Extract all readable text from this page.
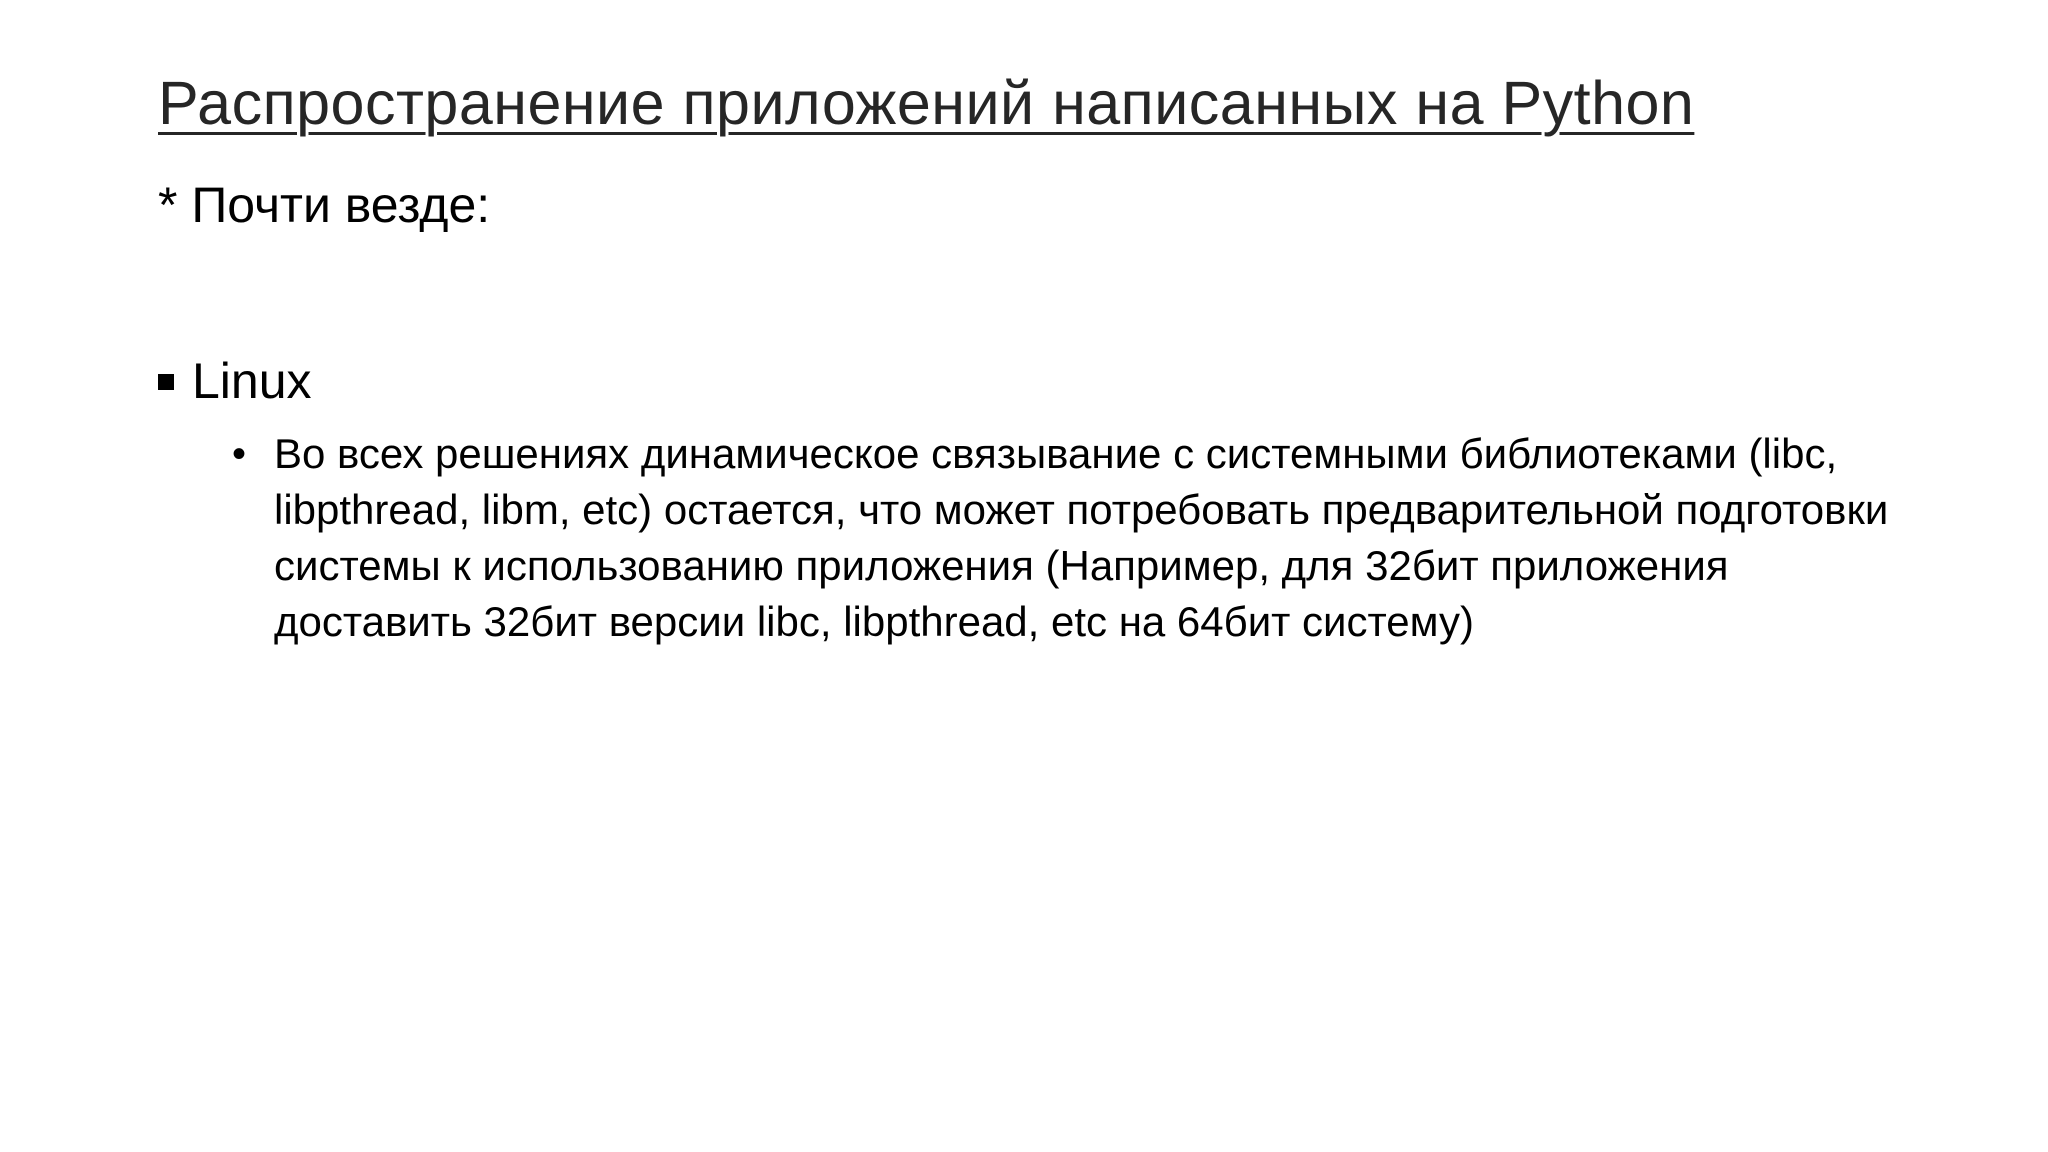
Распространение приложений написанных на Python
* Почти везде:
Linux
• Во всех решениях динамическое связывание с системными библиотеками (libc, libpthread, libm, etc) остается, что может потребовать предварительной подготовки системы к использованию приложения (Например, для 32бит приложения доставить 32бит версии libc, libpthread, etc на 64бит систему)
